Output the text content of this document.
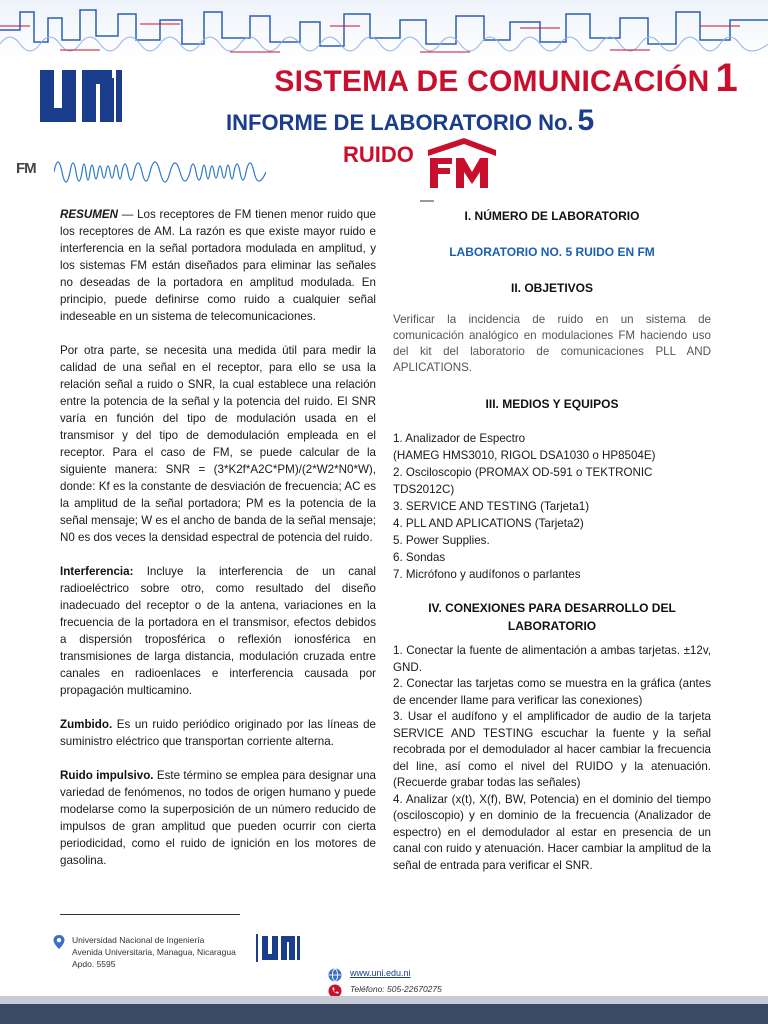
SISTEMA DE COMUNICACIÓN 1
INFORME DE LABORATORIO No. 5
RUIDO
FM

RESUMEN — Los receptores de FM tienen menor ruido que los receptores de AM. La razón es que existe mayor ruido e interferencia en la señal portadora modulada en amplitud, y los sistemas FM están diseñados para eliminar las señales no deseadas de la portadora en amplitud modulada. En principio, puede definirse como ruido a cualquier señal indeseable en un sistema de telecomunicaciones.

Por otra parte, se necesita una medida útil para medir la calidad de una señal en el receptor, para ello se usa la relación señal a ruido o SNR, la cual establece una relación entre la potencia de la señal y la potencia del ruido. El SNR varía en función del tipo de modulación usada en el transmisor y del tipo de demodulación empleada en el receptor. Para el caso de FM, se puede calcular de la siguiente manera: SNR = (3*K2f*A2C*PM)/(2*W2*N0*W), donde: Kf es la constante de desviación de frecuencia; AC es la amplitud de la señal portadora; PM es la potencia de la señal mensaje; W es el ancho de banda de la señal mensaje; N0 es dos veces la densidad espectral de potencia del ruido.

Interferencia: Incluye la interferencia de un canal radioeléctrico sobre otro, como resultado del diseño inadecuado del receptor o de la antena, variaciones en la frecuencia de la portadora en el transmisor, efectos debidos a dispersión troposférica o reflexión ionosférica en transmisiones de larga distancia, modulación cruzada entre canales en radioenlaces e interferencia causada por propagación multicamino.

Zumbido. Es un ruido periódico originado por las líneas de suministro eléctrico que transportan corriente alterna.

Ruido impulsivo. Este término se emplea para designar una variedad de fenómenos, no todos de origen humano y puede modelarse como la superposición de un número reducido de impulsos de gran amplitud que pueden ocurrir con cierta periodicidad, como el ruido de ignición en los motores de gasolina.

I. NÚMERO DE LABORATORIO
LABORATORIO NO. 5 RUIDO EN FM
II. OBJETIVOS
Verificar la incidencia de ruido en un sistema de comunicación analógico en modulaciones FM haciendo uso del kit del laboratorio de comunicaciones PLL AND APLICATIONS.
III. MEDIOS Y EQUIPOS

1. Analizador de Espectro

(HAMEG HMS3010, RIGOL DSA1030 o HP8504E)

2. Osciloscopio (PROMAX OD-591 o TEKTRONIC TDS2012C)

3. SERVICE AND TESTING (Tarjeta1)

4. PLL AND APLICATIONS (Tarjeta2)

5. Power Supplies.

6. Sondas

7. Micrófono y audífonos o parlantes

IV. CONEXIONES PARA DESARROLLO DEL LABORATORIO

1. Conectar la fuente de alimentación a ambas tarjetas. ±12v, GND.

2. Conectar las tarjetas como se muestra en la gráfica (antes de encender llame para verificar las conexiones)

3. Usar el audífono y el amplificador de audio de la tarjeta SERVICE AND TESTING escuchar la fuente y la señal recobrada por el demodulador al hacer cambiar la frecuencia del line, así como el nivel del RUIDO y la atenuación. (Recuerde grabar todas las señales)

4. Analizar (x(t), X(f), BW, Potencia) en el dominio del tiempo (osciloscopio) y en dominio de la frecuencia (Analizador de espectro) en el demodulador al estar en presencia de un canal con ruido y atenuación. Hacer cambiar la amplitud de la señal de entrada para verificar el SNR.

Universidad Nacional de Ingeniería
Avenida Universitaria, Managua, Nicaragua
Apdo. 5595
www.uni.edu.ni
Teléfono: 505-22670275
